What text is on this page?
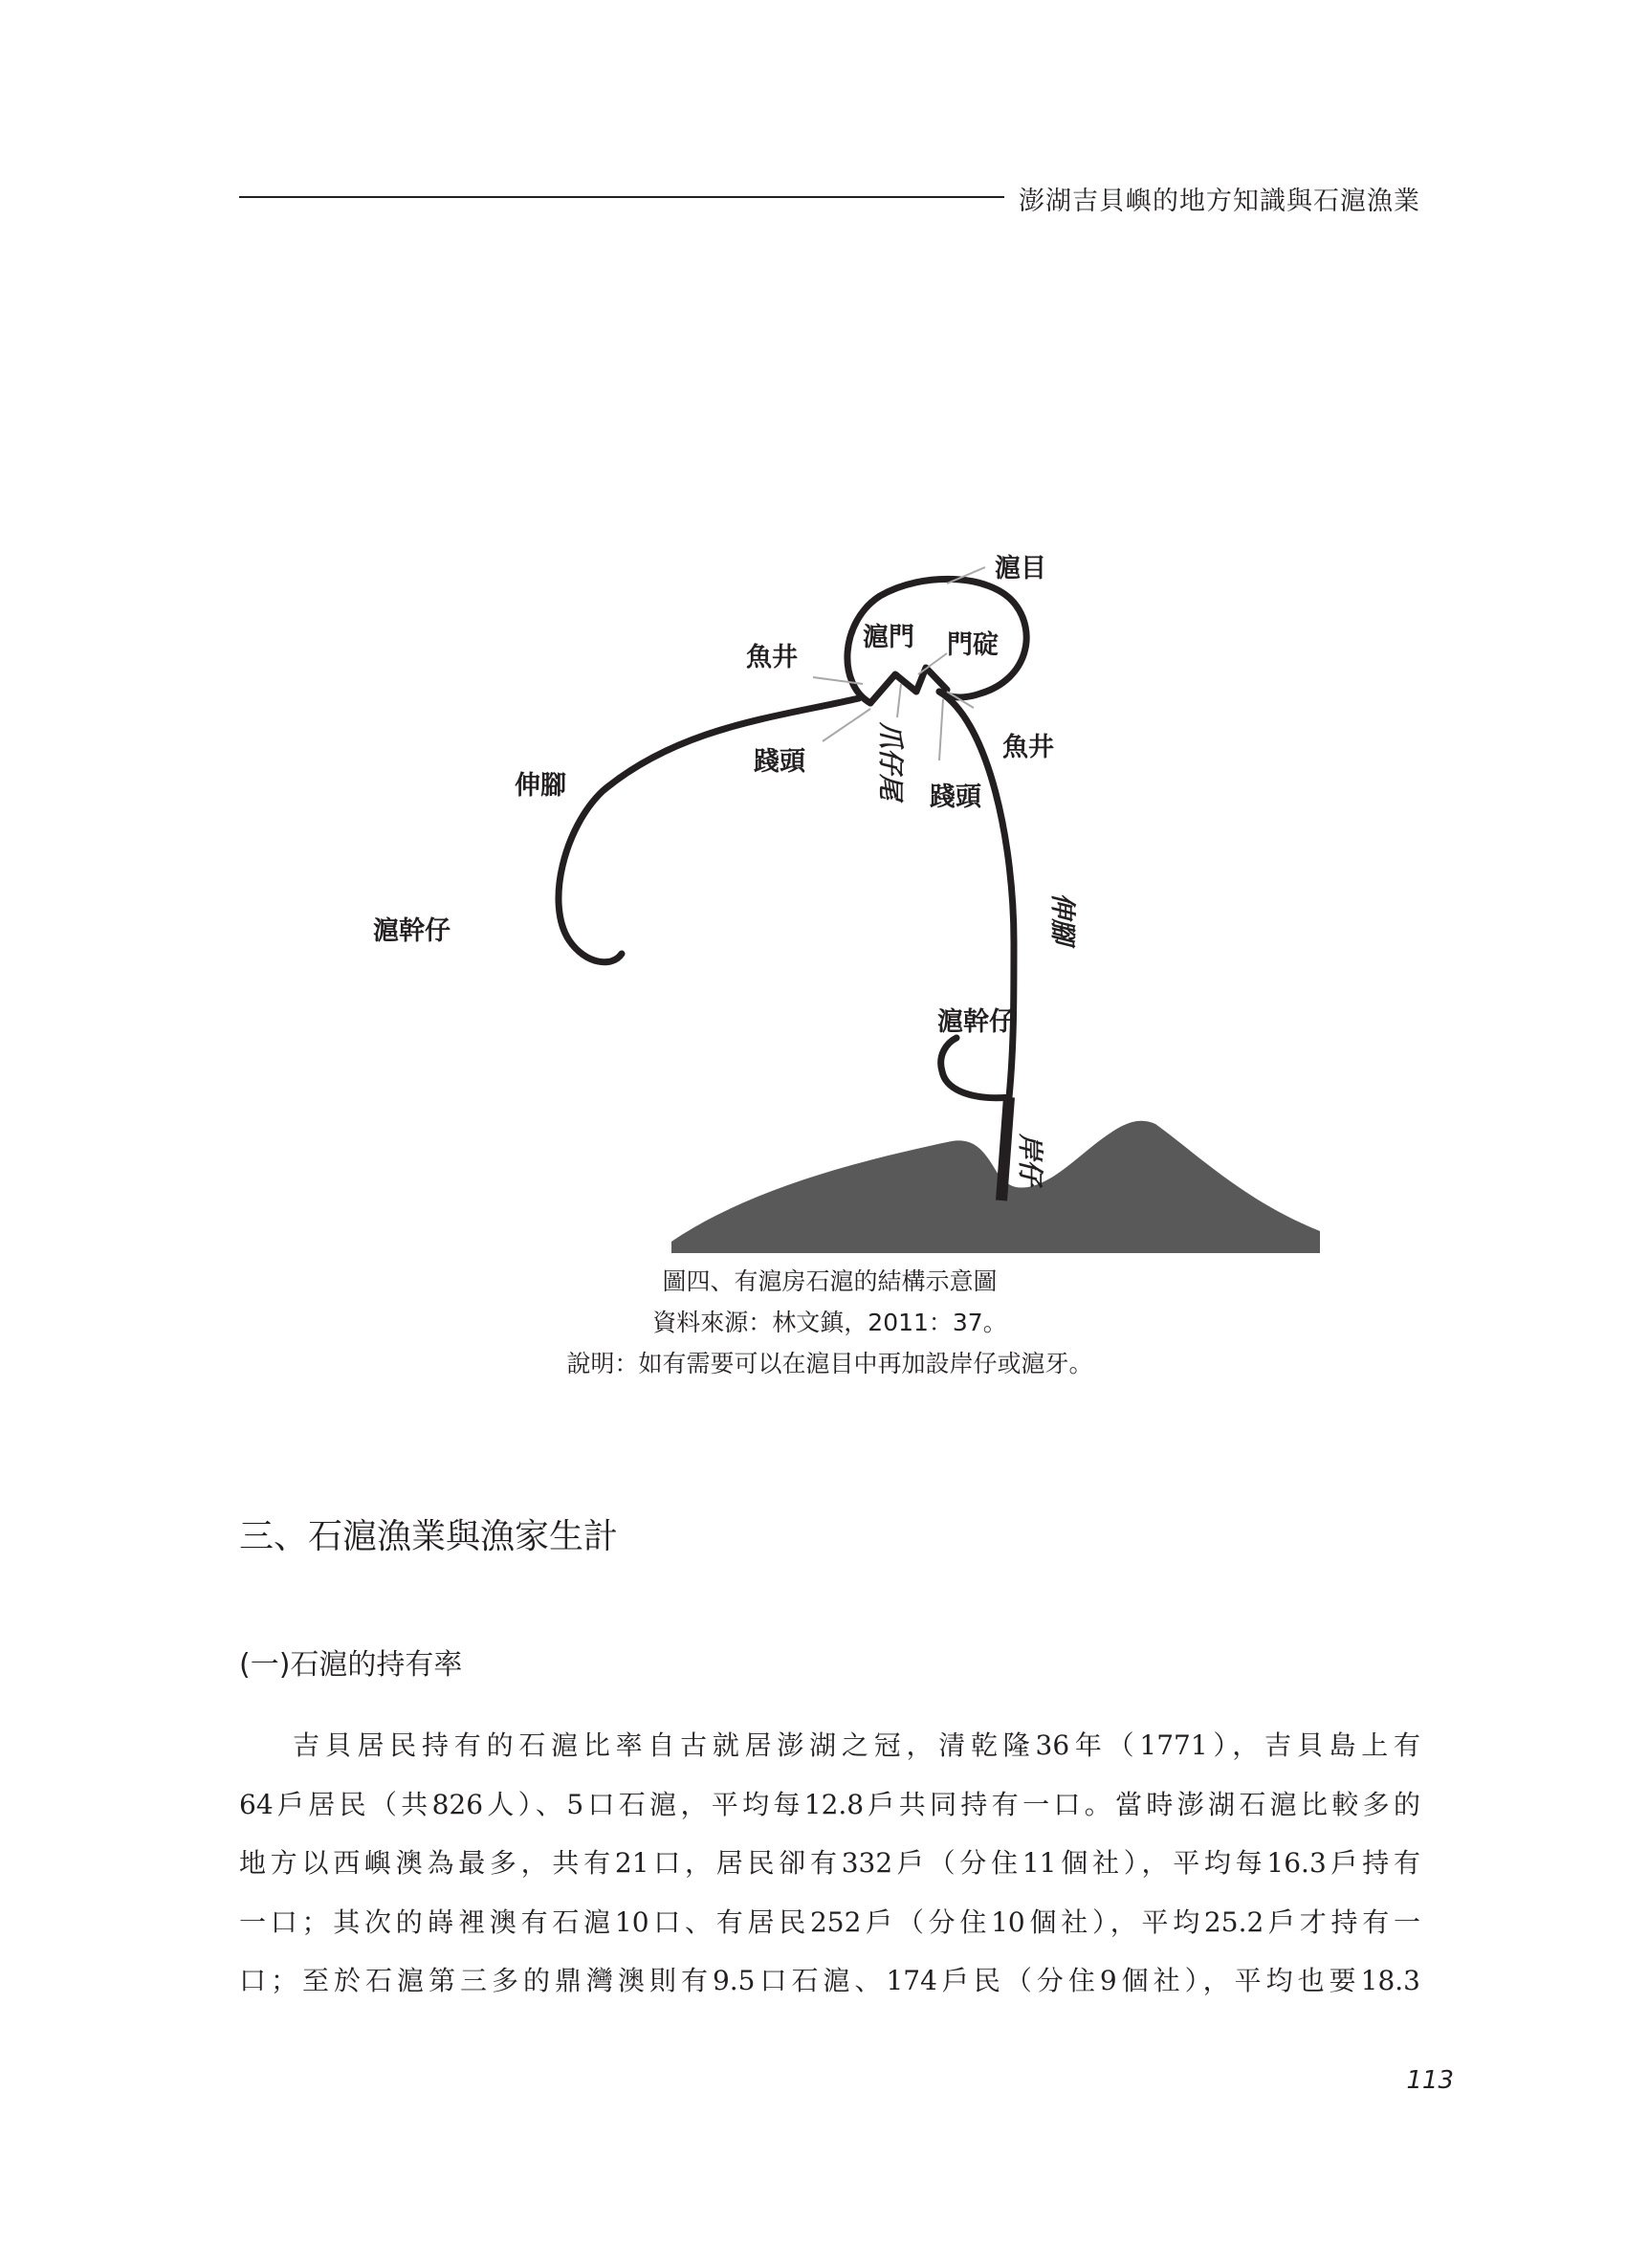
澎湖吉貝嶼的地方知識與石滬漁業
滬目
滬門 門碇
魚井
魚井
踐頭
踐頭
伸腳
滬幹仔
滬幹仔
爪仔尾
伸腳
岸仔
圖四、有滬房石滬的結構示意圖
資料來源：林文鎮，2011：37。
說明：如有需要可以在滬目中再加設岸仔或滬牙。
三、石滬漁業與漁家生計
(一)石滬的持有率
吉貝居民持有的石滬比率自古就居澎湖之冠，清乾隆36年（1771），吉貝島上有
64戶居民（共826人）、5口石滬，平均每12.8戶共同持有一口。當時澎湖石滬比較多的
地方以西嶼澳為最多，共有21口，居民卻有332戶（分住11個社），平均每16.3戶持有
一口；其次的嵵裡澳有石滬10口、有居民252戶（分住10個社），平均25.2戶才持有一
口；至於石滬第三多的鼎灣澳則有9.5口石滬、174戶民（分住9個社），平均也要18.3
113
